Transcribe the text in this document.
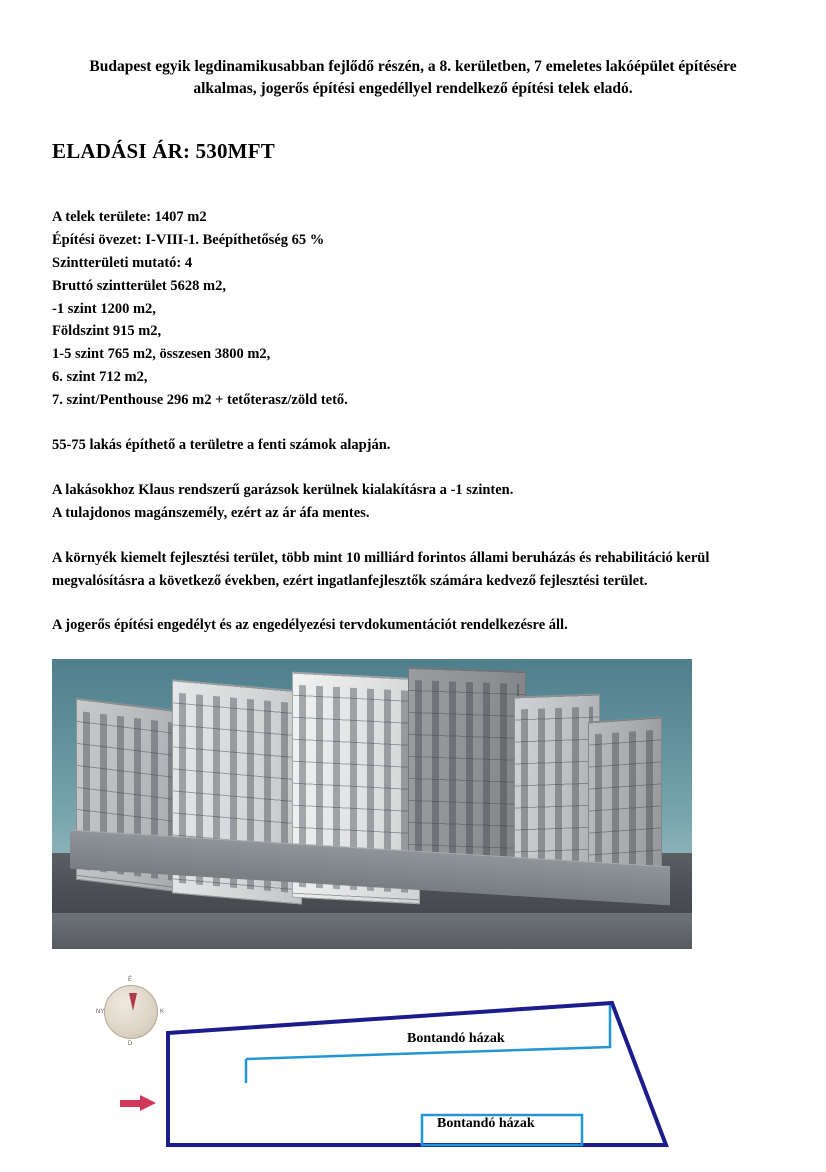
Budapest egyik legdinamikusabban fejlődő részén, a 8. kerületben, 7 emeletes lakóépület építésére alkalmas, jogerős építési engedéllyel rendelkező építési telek eladó.
ELADÁSI ÁR: 530MFT
A telek területe: 1407 m2
Építési övezet: I-VIII-1. Beépíthetőség 65 %
Szintterületi mutató: 4
Bruttó szintterület 5628 m2,
-1 szint 1200 m2,
Földszint 915 m2,
1-5 szint 765 m2, összesen 3800 m2,
6. szint 712 m2,
7. szint/Penthouse 296 m2 + tetőterasz/zöld tető.
55-75 lakás építhető a területre a fenti számok alapján.
A lakásokhoz Klaus rendszerű garázsok kerülnek kialakításra a -1 szinten.
A tulajdonos magánszemély, ezért az ár áfa mentes.
A környék kiemelt fejlesztési terület, több mint 10 milliárd forintos állami beruházás és rehabilitáció kerül megvalósításra a következő években, ezért ingatlanfejlesztők számára kedvező fejlesztési terület.
A jogerős építési engedélyt és az engedélyezési tervdokumentációt rendelkezésre áll.
É
D
K
NY
Bontandó házak
Bontandó házak
